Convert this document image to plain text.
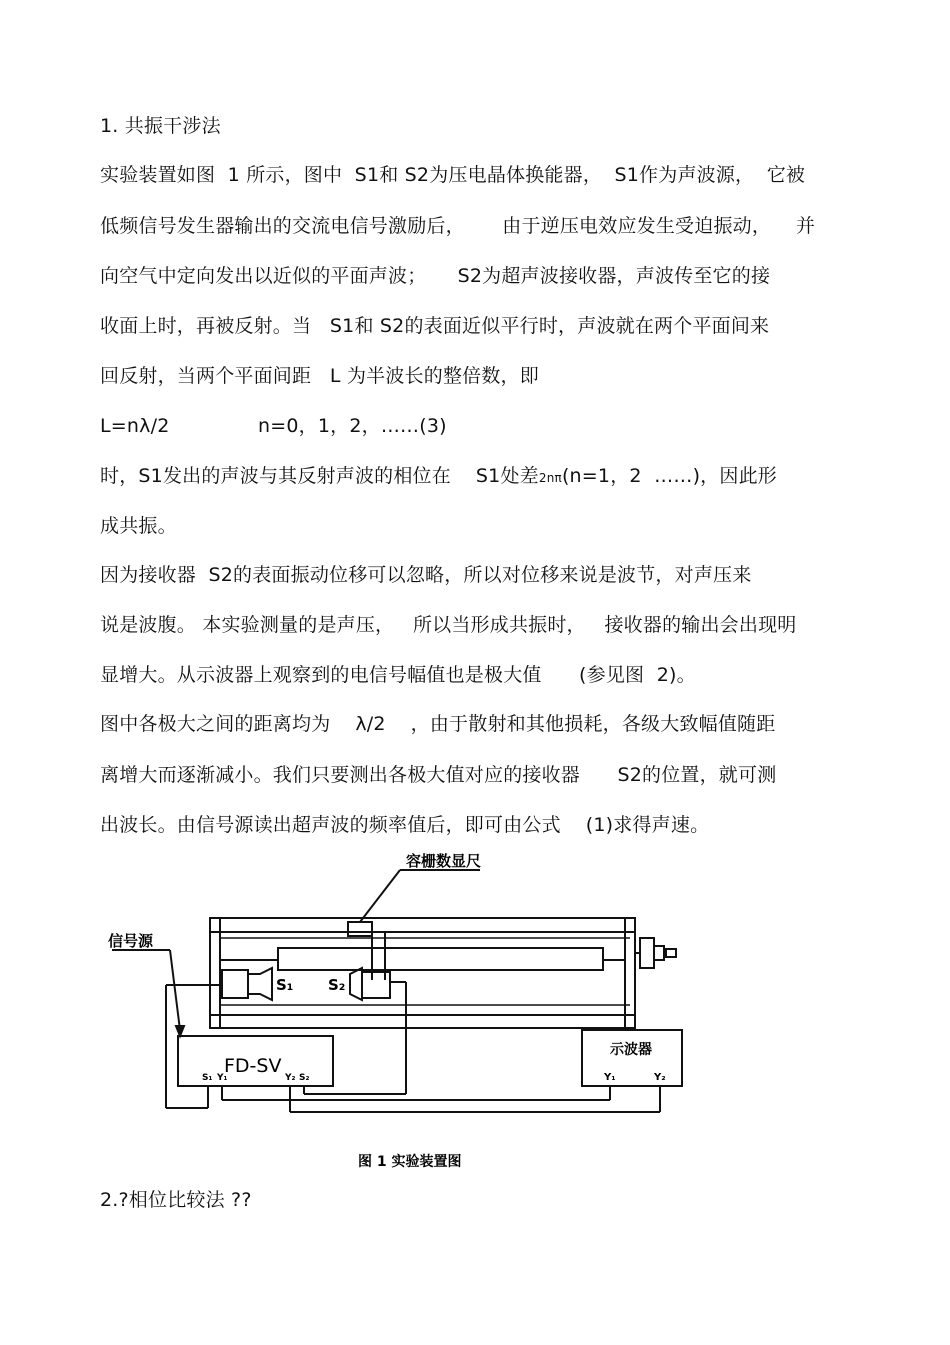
1. 共振干涉法
实验装置如图  1 所示，图中  S1和 S2为压电晶体换能器，  S1作为声波源，  它被
低频信号发生器输出的交流电信号激励后，      由于逆压电效应发生受迫振动，    并
向空气中定向发出以近似的平面声波；     S2为超声波接收器，声波传至它的接
收面上时，再被反射。当   S1和 S2的表面近似平行时，声波就在两个平面间来
回反射，当两个平面间距   L 为半波长的整倍数，即
L=nλ/2	n=0，1，2，……(3)
时，S1发出的声波与其反射声波的相位在    S1处差2nπ(n=1，2  ……)，因此形
成共振。
因为接收器  S2的表面振动位移可以忽略，所以对位移来说是波节，对声压来
说是波腹。 本实验测量的是声压，   所以当形成共振时，   接收器的输出会出现明
显增大。从示波器上观察到的电信号幅值也是极大值      (参见图  2)。
图中各极大之间的距离均为    λ/2    ，由于散射和其他损耗，各级大致幅值随距
离增大而逐渐减小。我们只要测出各极大值对应的接收器      S2的位置，就可测
出波长。由信号源读出超声波的频率值后，即可由公式    (1)求得声速。
容栅数显尺
信号源
S₁ S₂
FD-SV
S₁ Y₁	Y₂ S₂
示波器
Y₁	Y₂
图 1 实验装置图
2.?相位比较法 ??
